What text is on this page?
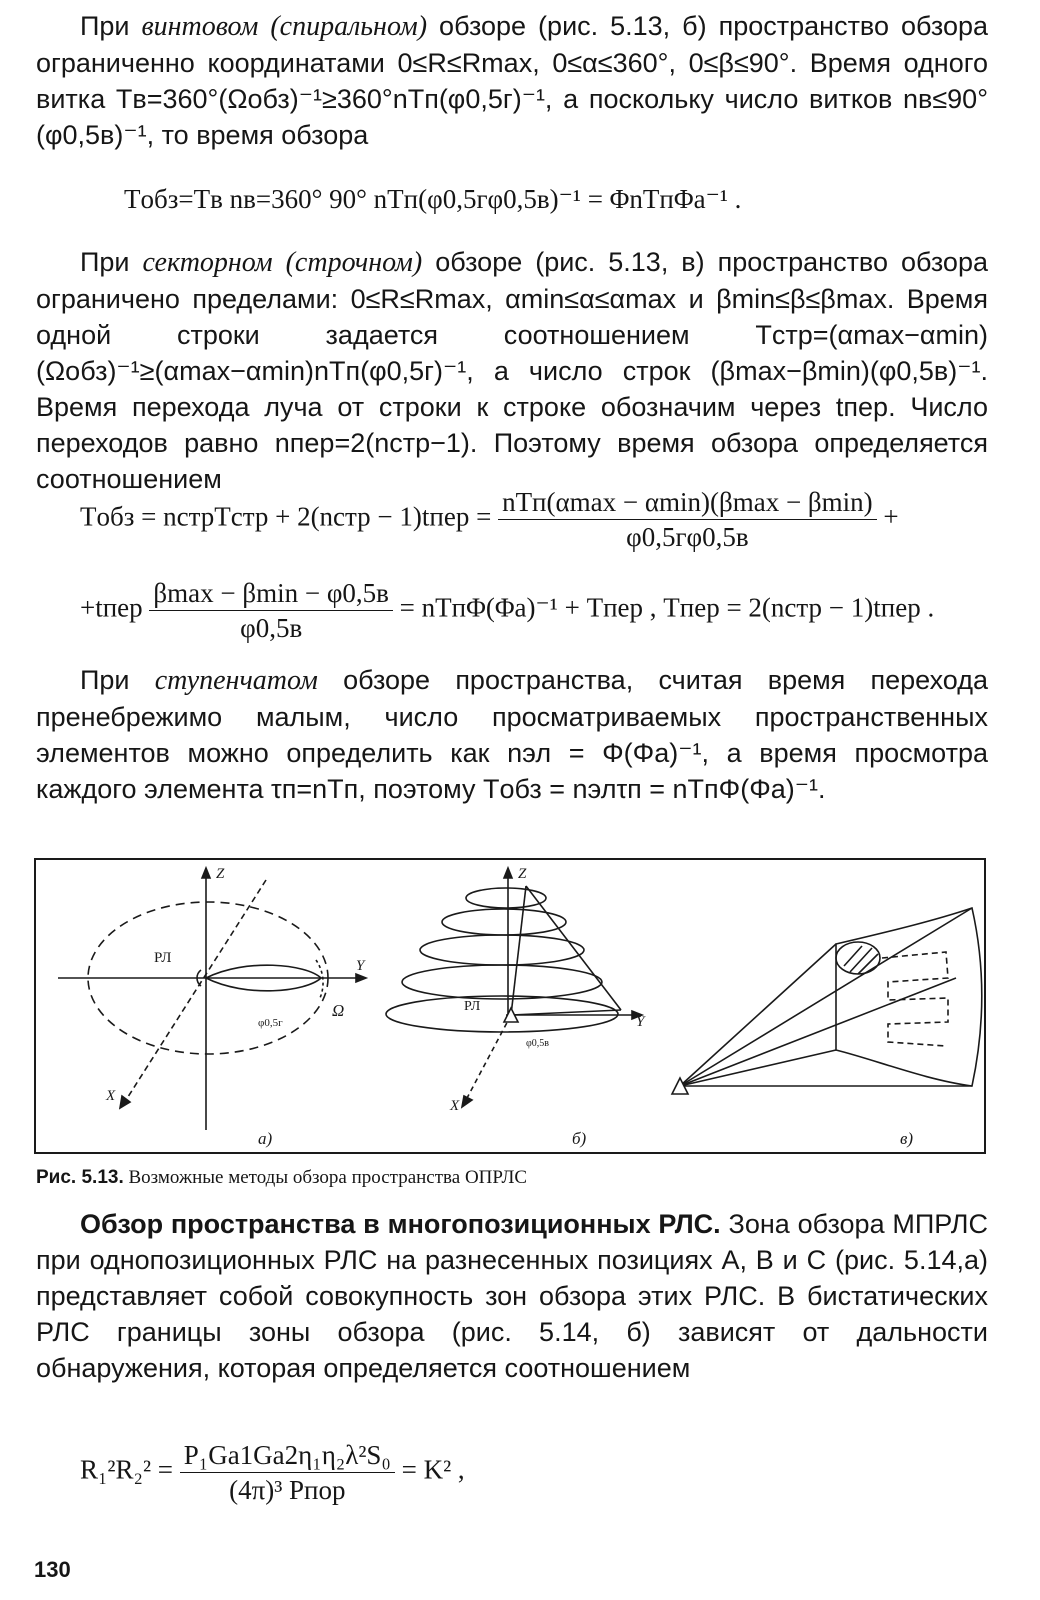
При винтовом (спиральном) обзоре (рис. 5.13, б) пространство обзора ограниченно координатами 0≤R≤Rmax, 0≤α≤360°, 0≤β≤90°. Время одного витка Tв=360°(Ωобз)⁻¹≥360°nTп(φ0,5г)⁻¹, а поскольку число витков nв≤90°(φ0,5в)⁻¹, то время обзора

Tобз=Tв nв=360° 90° nTп(φ0,5гφ0,5в)⁻¹ = ΦnTпΦа⁻¹ .

При секторном (строчном) обзоре (рис. 5.13, в) пространство обзора ограничено пределами: 0≤R≤Rmax, αmin≤α≤αmax и βmin≤β≤βmax. Время одной строки задается соотношением Tстр=(αmax−αmin)(Ωобз)⁻¹≥(αmax−αmin)nTп(φ0,5г)⁻¹, а число строк (βmax−βmin)(φ0,5в)⁻¹. Время перехода луча от строки к строке обозначим через tпер. Число переходов равно nпер=2(nстр−1). Поэтому время обзора определяется соотношением

Tобз = nстрTстр + 2(nстр − 1)tпер = $\frac{\text{nTп(αmax − αmin)(βmax − βmin)}}{\varphi 0,5г\varphi 0,5в}$ +
+tпер $\frac{\beta\max - \beta\min - \varphi 0,5в}{\varphi 0,5в} = nTп\Phi(\Phi а)^{-1}$ + Tпер , Tпер = 2(nстр − 1)tпер .

При ступенчатом обзоре пространства, считая время перехода пренебрежимо малым, число просматриваемых пространственных элементов можно определить как nэл = Φ(Φа)⁻¹, а время просмотра каждого элемента τп=nTп, поэтому Tобз = nэлτп = nTпΦ(Φа)⁻¹.

РЛ
Z
Y
X
φ0,5г
Ω
а)
Z
Y
X
РЛ
φ0,5в
б)	в)
Рис. 5.13. Возможные методы обзора пространства ОПРЛС

Обзор пространства в многопозиционных РЛС. Зона обзора МПРЛС при однопозиционных РЛС на разнесенных позициях A, B и C (рис. 5.14,а) представляет собой совокупность зон обзора этих РЛС. В бистатических РЛС границы зоны обзора (рис. 5.14, б) зависят от дальности обнаружения, которая определяется соотношением

$R_1^2R_2^2 = \frac{\text{P₁Ga1Ga2η₁η₂λ²S₀}}{\text{(4π)³ Pпор}} = K^2$ ,
130
